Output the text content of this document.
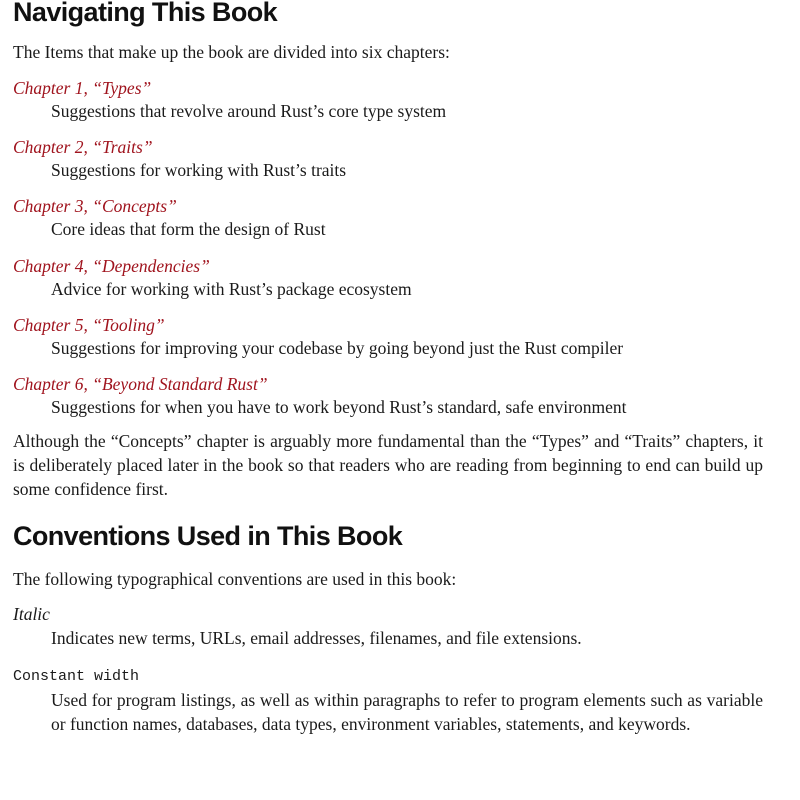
Navigating This Book

The Items that make up the book are divided into six chapters:

Chapter 1, “Types”
Suggestions that revolve around Rust’s core type system
Chapter 2, “Traits”
Suggestions for working with Rust’s traits
Chapter 3, “Concepts”
Core ideas that form the design of Rust
Chapter 4, “Dependencies”
Advice for working with Rust’s package ecosystem
Chapter 5, “Tooling”
Suggestions for improving your codebase by going beyond just the Rust compiler
Chapter 6, “Beyond Standard Rust”
Suggestions for when you have to work beyond Rust’s standard, safe environment

Although the “Concepts” chapter is arguably more fundamental than the “Types” and “Traits” chapters, it is deliberately placed later in the book so that readers who are reading from beginning to end can build up some confidence first.

Conventions Used in This Book

The following typographical conventions are used in this book:

Italic
Indicates new terms, URLs, email addresses, filenames, and file extensions.
Constant width
Used for program listings, as well as within paragraphs to refer to program elements such as variable or function names, databases, data types, environment variables, statements, and keywords.
